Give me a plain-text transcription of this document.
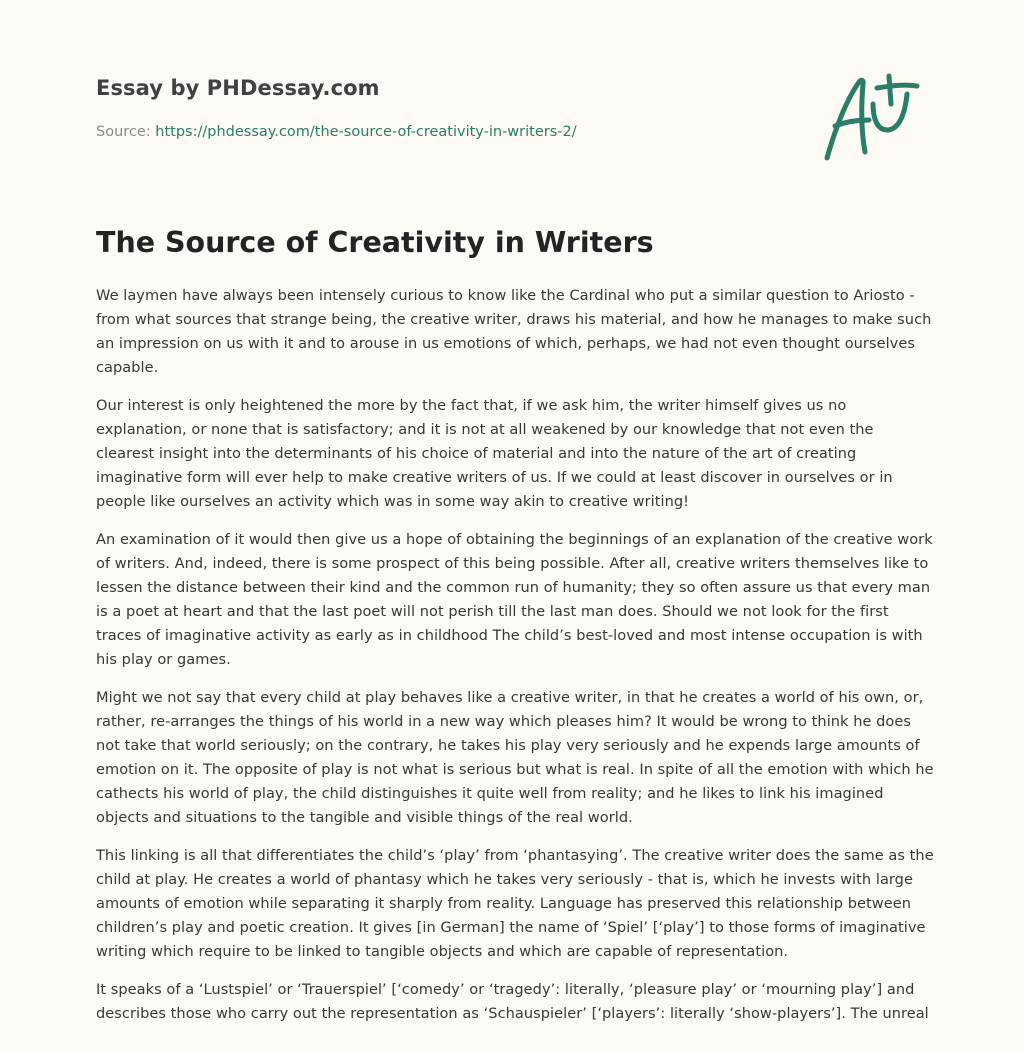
Essay by PHDessay.com
Source: https://phdessay.com/the-source-of-creativity-in-writers-2/
The Source of Creativity in Writers

We laymen have always been intensely curious to know like the Cardinal who put a similar question to Ariosto - from what sources that strange being, the creative writer, draws his material, and how he manages to make such an impression on us with it and to arouse in us emotions of which, perhaps, we had not even thought ourselves capable.

Our interest is only heightened the more by the fact that, if we ask him, the writer himself gives us no explanation, or none that is satisfactory; and it is not at all weakened by our knowledge that not even the clearest insight into the determinants of his choice of material and into the nature of the art of creating imaginative form will ever help to make creative writers of us. If we could at least discover in ourselves or in people like ourselves an activity which was in some way akin to creative writing!

An examination of it would then give us a hope of obtaining the beginnings of an explanation of the creative work of writers. And, indeed, there is some prospect of this being possible. After all, creative writers themselves like to lessen the distance between their kind and the common run of humanity; they so often assure us that every man is a poet at heart and that the last poet will not perish till the last man does. Should we not look for the first traces of imaginative activity as early as in childhood The child’s best-loved and most intense occupation is with his play or games.

Might we not say that every child at play behaves like a creative writer, in that he creates a world of his own, or, rather, re-arranges the things of his world in a new way which pleases him? It would be wrong to think he does not take that world seriously; on the contrary, he takes his play very seriously and he expends large amounts of emotion on it. The opposite of play is not what is serious but what is real. In spite of all the emotion with which he cathects his world of play, the child distinguishes it quite well from reality; and he likes to link his imagined objects and situations to the tangible and visible things of the real world.

This linking is all that differentiates the child’s ‘play’ from ‘phantasying’. The creative writer does the same as the child at play. He creates a world of phantasy which he takes very seriously - that is, which he invests with large amounts of emotion while separating it sharply from reality. Language has preserved this relationship between children’s play and poetic creation. It gives [in German] the name of ‘Spiel’ [‘play’] to those forms of imaginative writing which require to be linked to tangible objects and which are capable of representation.

It speaks of a ‘Lustspiel’ or ‘Trauerspiel’ [‘comedy’ or ‘tragedy’: literally, ‘pleasure play’ or ‘mourning play’] and describes those who carry out the representation as ‘Schauspieler’ [‘players’: literally ‘show-players’]. The unreal
